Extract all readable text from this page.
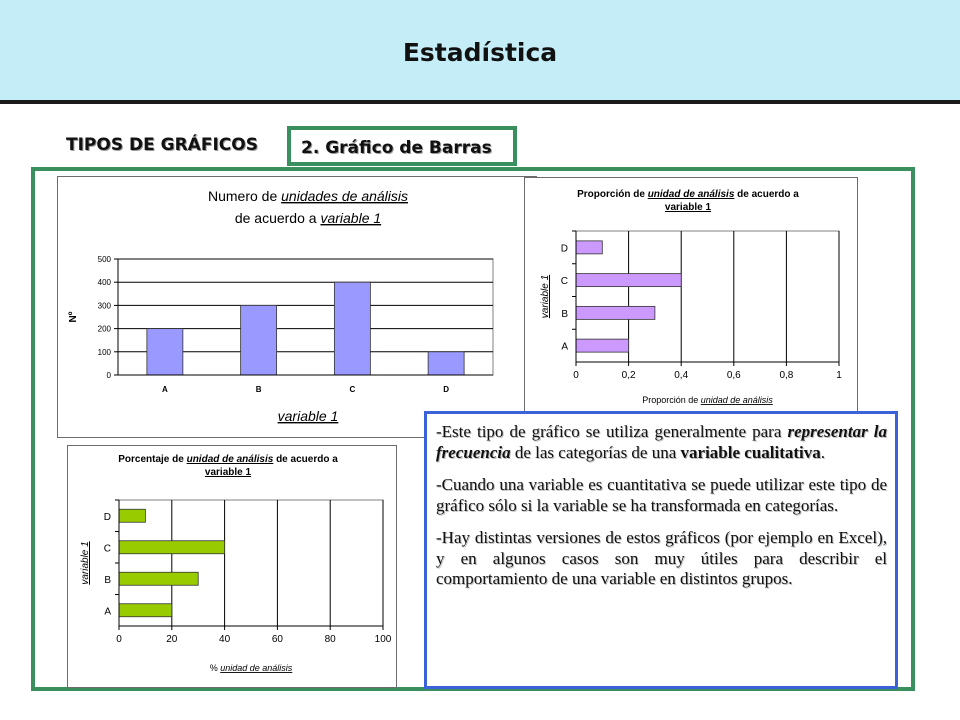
Estadística
TIPOS DE GRÁFICOS	2. Gráfico de Barras
0
100
200
300
400
500
A	B	C	D
Numero de unidades de análisis
de acuerdo a variable 1
variable 1
Nº
0	0,2	0,4	0,6	0,8	1
A
B
C
D
Proporción de unidad de análisis de acuerdo a
variable 1
Proporción de unidad de análisis
variable 1
0	20	40	60	80	100
A
B
C
D
Porcentaje de unidad de análisis de acuerdo a
variable 1
% unidad de análisis
variable 1

-Este tipo de gráfico se utiliza generalmente para representar la frecuencia de las categorías de una variable cualitativa.

-Cuando una variable es cuantitativa se puede utilizar este tipo de gráfico sólo si la variable se ha transformada en categorías.

-Hay distintas versiones de estos gráficos (por ejemplo en Excel), y en algunos casos son muy útiles para describir el comportamiento de una variable en distintos grupos.
